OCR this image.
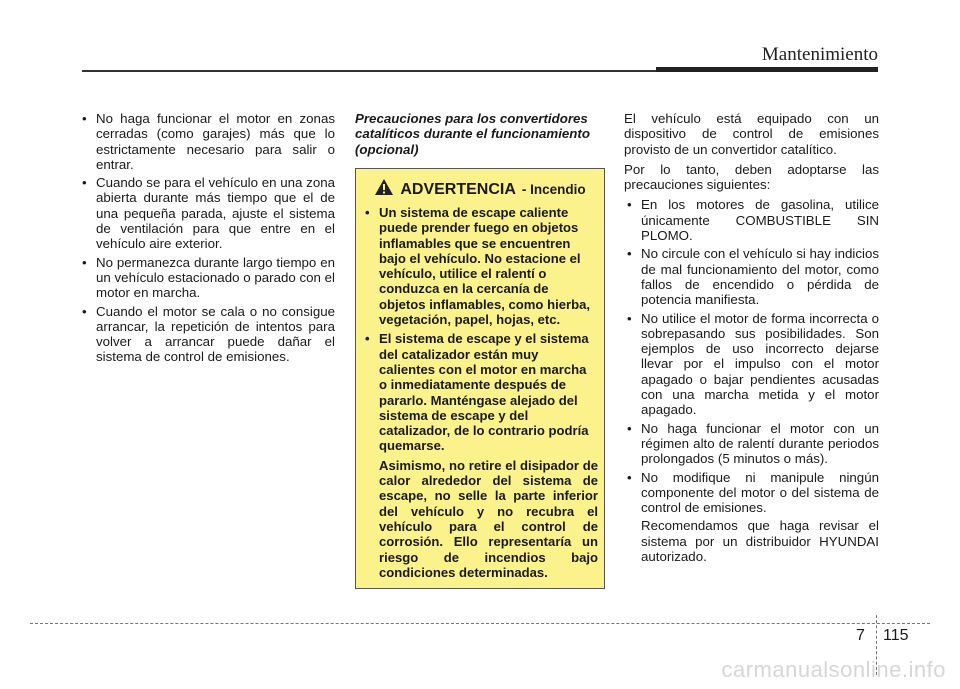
Mantenimiento
• No haga funcionar el motor en zonas cerradas (como garajes) más que lo estrictamente necesario para salir o entrar.
• Cuando se para el vehículo en una zona abierta durante más tiempo que el de una pequeña parada, ajuste el sistema de ventilación para que entre en el vehículo aire exterior.
• No permanezca durante largo tiempo en un vehículo estacionado o parado con el motor en marcha.
• Cuando el motor se cala o no consigue arrancar, la repetición de intentos para volver a arrancar puede dañar el sistema de control de emisiones.

Precauciones para los convertidores catalíticos durante el funcionamiento (opcional)

ADVERTENCIA - Incendio
• Un sistema de escape caliente puede prender fuego en objetos inflamables que se encuentren bajo el vehículo. No estacione el vehículo, utilice el ralentí o conduzca en la cercanía de objetos inflamables, como hierba, vegetación, papel, hojas, etc.
• El sistema de escape y el sistema del catalizador están muy calientes con el motor en marcha o inmediatamente después de pararlo. Manténgase alejado del sistema de escape y del catalizador, de lo contrario podría quemarse.

Asimismo, no retire el disipador de calor alrededor del sistema de escape, no selle la parte inferior del vehículo y no recubra el vehículo para el control de corrosión. Ello representaría un riesgo de incendios bajo condiciones determinadas.

El vehículo está equipado con un dispositivo de control de emisiones provisto de un convertidor catalítico.

Por lo tanto, deben adoptarse las precauciones siguientes:

• En los motores de gasolina, utilice únicamente COMBUSTIBLE SIN PLOMO.
• No circule con el vehículo si hay indicios de mal funcionamiento del motor, como fallos de encendido o pérdida de potencia manifiesta.
• No utilice el motor de forma incorrecta o sobrepasando sus posibilidades. Son ejemplos de uso incorrecto dejarse llevar por el impulso con el motor apagado o bajar pendientes acusadas con una marcha metida y el motor apagado.
• No haga funcionar el motor con un régimen alto de ralentí durante periodos prolongados (5 minutos o más).
• No modifique ni manipule ningún componente del motor o del sistema de control de emisiones.

Recomendamos que haga revisar el sistema por un distribuidor HYUNDAI autorizado.

7 115
carmanualsonline.info
